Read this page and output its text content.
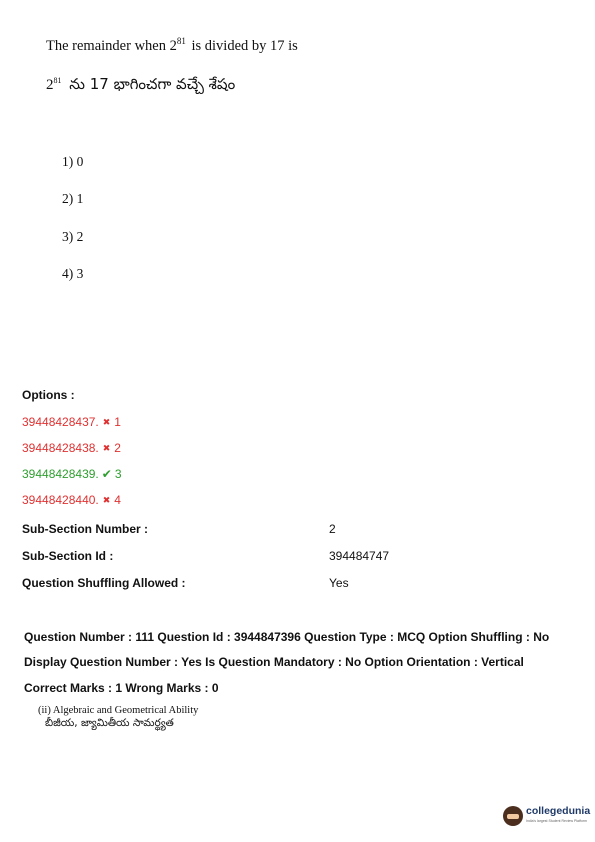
The remainder when $2^{81}$ is divided by 17 is
$2^{81}$ ను 17 భాగించగా వచ్చే శేషం
1) 0
2) 1
3) 2
4) 3
Options :
39448428437. ✖ 1
39448428438. ✖ 2
39448428439. ✔ 3
39448428440. ✖ 4
Sub-Section Number :	2
Sub-Section Id :	394484747
Question Shuffling Allowed :	Yes
Question Number : 111 Question Id : 3944847396 Question Type : MCQ Option Shuffling : No
Display Question Number : Yes Is Question Mandatory : No Option Orientation : Vertical
Correct Marks : 1 Wrong Marks : 0
(ii) Algebraic and Geometrical Ability
బీజీయ, జ్యామితీయ సామర్థ్యత
collegedunia
India's largest Student Review Platform
